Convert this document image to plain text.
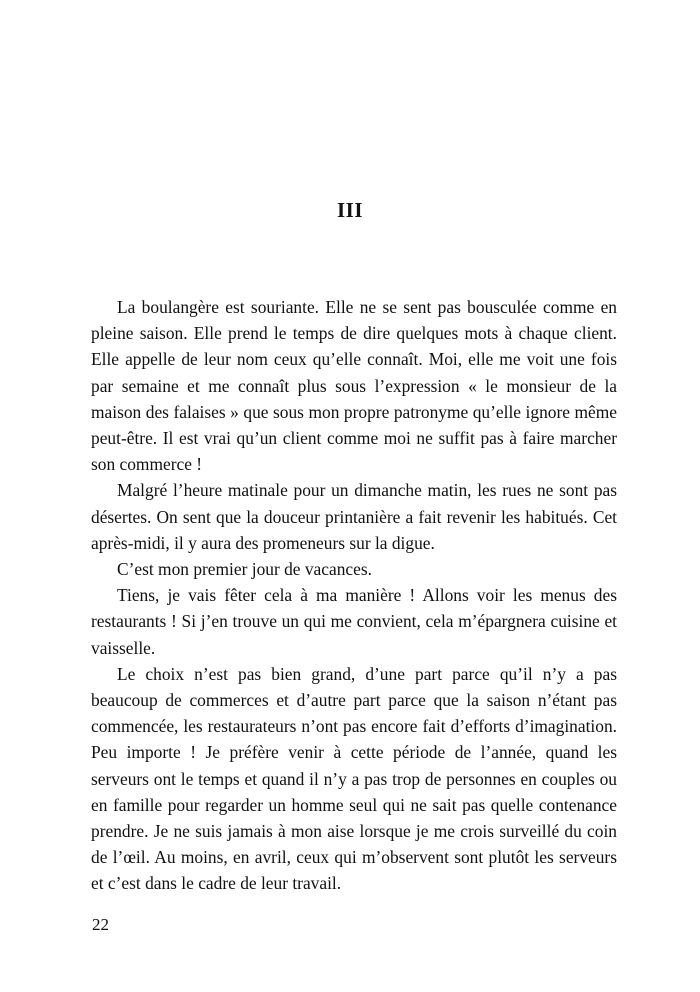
III

La boulangère est souriante. Elle ne se sent pas bousculée comme en pleine saison. Elle prend le temps de dire quelques mots à chaque client. Elle appelle de leur nom ceux qu’elle connaît. Moi, elle me voit une fois par semaine et me connaît plus sous l’expression « le monsieur de la maison des falaises » que sous mon propre patronyme qu’elle ignore même peut-être. Il est vrai qu’un client comme moi ne suffit pas à faire marcher son commerce !

Malgré l’heure matinale pour un dimanche matin, les rues ne sont pas désertes. On sent que la douceur printanière a fait revenir les habitués. Cet après-midi, il y aura des promeneurs sur la digue.

C’est mon premier jour de vacances.

Tiens, je vais fêter cela à ma manière ! Allons voir les menus des restaurants ! Si j’en trouve un qui me convient, cela m’épargnera cuisine et vaisselle.

Le choix n’est pas bien grand, d’une part parce qu’il n’y a pas beaucoup de commerces et d’autre part parce que la saison n’étant pas commencée, les restaurateurs n’ont pas encore fait d’efforts d’imagination. Peu importe ! Je préfère venir à cette période de l’année, quand les serveurs ont le temps et quand il n’y a pas trop de personnes en couples ou en famille pour regarder un homme seul qui ne sait pas quelle contenance prendre. Je ne suis jamais à mon aise lorsque je me crois surveillé du coin de l’œil. Au moins, en avril, ceux qui m’observent sont plutôt les serveurs et c’est dans le cadre de leur travail.

22
